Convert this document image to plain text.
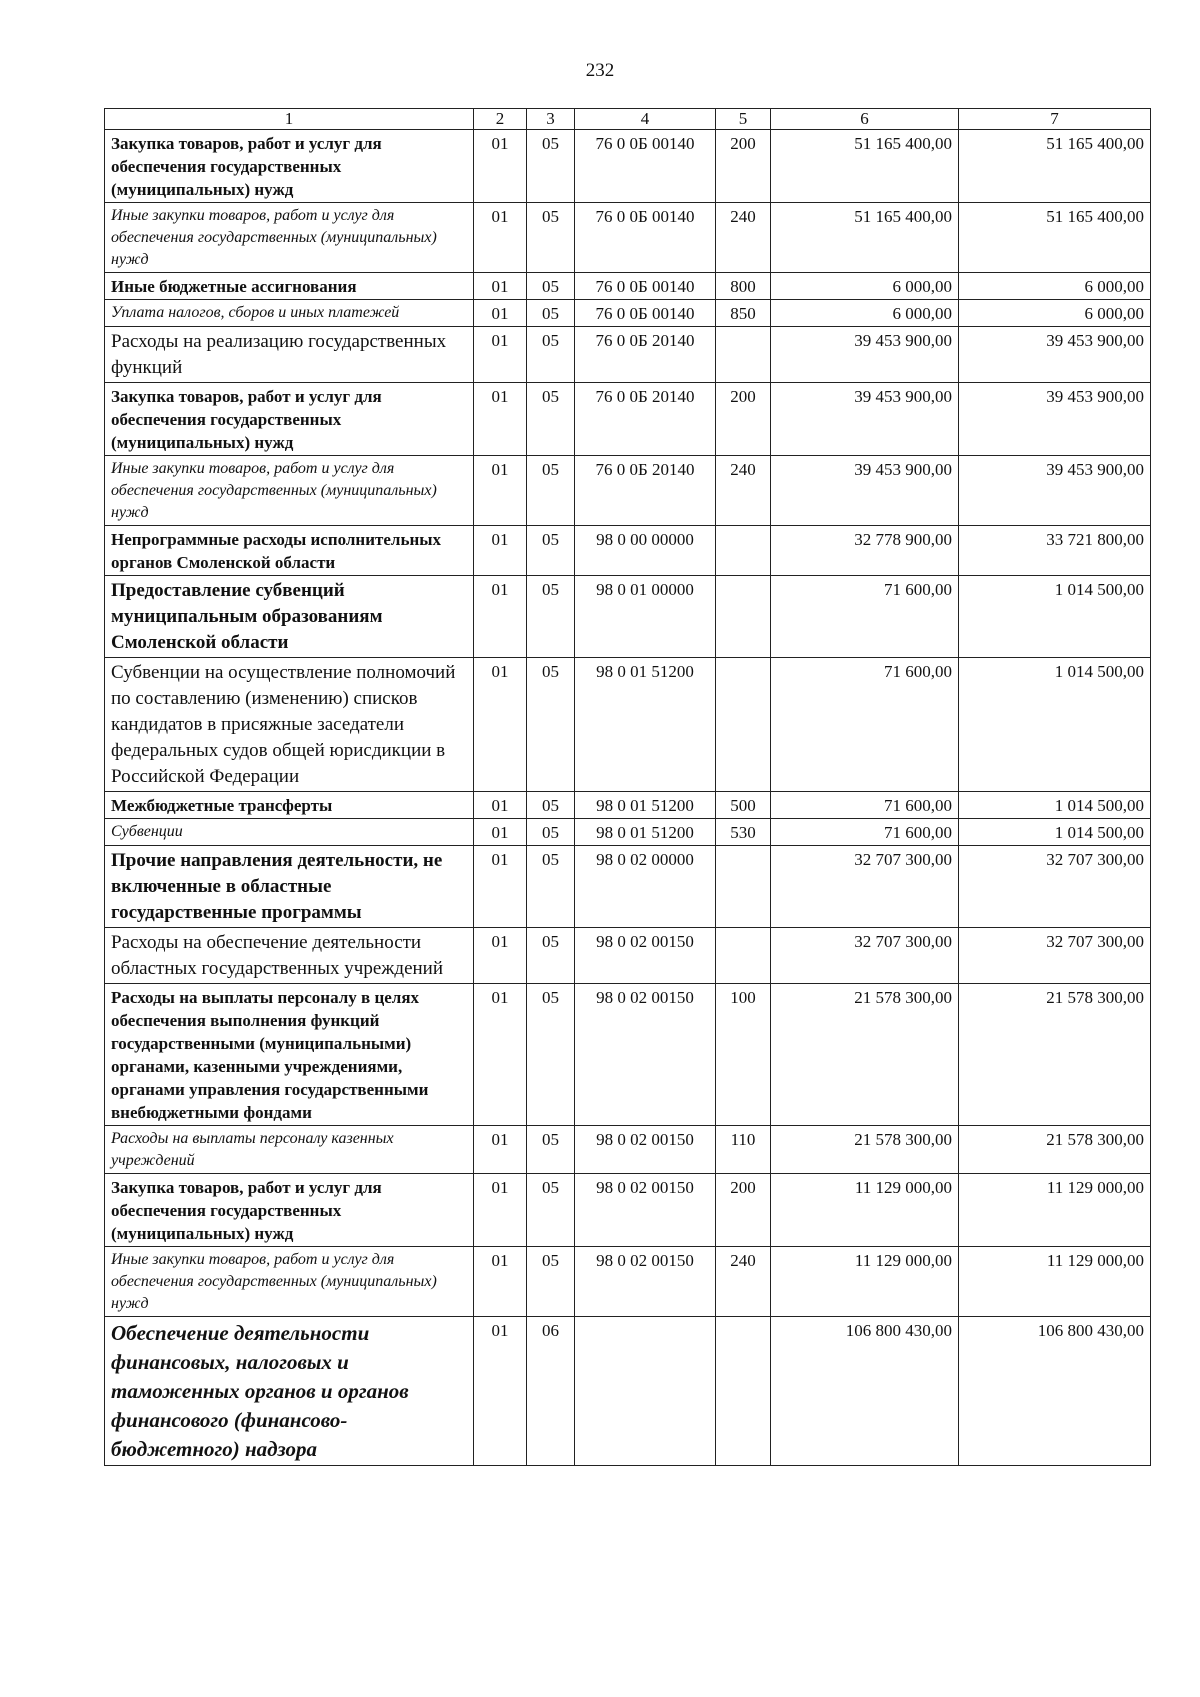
232
1	2	3	4	5	6	7
Закупка товаров, работ и услуг для обеспечения государственных (муниципальных) нужд	01	05	76 0 0Б 00140	200	51 165 400,00	51 165 400,00
Иные закупки товаров, работ и услуг для обеспечения государственных (муниципальных) нужд	01	05	76 0 0Б 00140	240	51 165 400,00	51 165 400,00
Иные бюджетные ассигнования	01	05	76 0 0Б 00140	800	6 000,00	6 000,00
Уплата налогов, сборов и иных платежей	01	05	76 0 0Б 00140	850	6 000,00	6 000,00
Расходы на реализацию государственных функций	01	05	76 0 0Б 20140		39 453 900,00	39 453 900,00
Закупка товаров, работ и услуг для обеспечения государственных (муниципальных) нужд	01	05	76 0 0Б 20140	200	39 453 900,00	39 453 900,00
Иные закупки товаров, работ и услуг для обеспечения государственных (муниципальных) нужд	01	05	76 0 0Б 20140	240	39 453 900,00	39 453 900,00
Непрограммные расходы исполнительных органов Смоленской области	01	05	98 0 00 00000		32 778 900,00	33 721 800,00
Предоставление субвенций муниципальным образованиям Смоленской области	01	05	98 0 01 00000		71 600,00	1 014 500,00
Субвенции на осуществление полномочий по составлению (изменению) списков кандидатов в присяжные заседатели федеральных судов общей юрисдикции в Российской Федерации	01	05	98 0 01 51200		71 600,00	1 014 500,00
Межбюджетные трансферты	01	05	98 0 01 51200	500	71 600,00	1 014 500,00
Субвенции	01	05	98 0 01 51200	530	71 600,00	1 014 500,00
Прочие направления деятельности, не включенные в областные государственные программы	01	05	98 0 02 00000		32 707 300,00	32 707 300,00
Расходы на обеспечение деятельности областных государственных учреждений	01	05	98 0 02 00150		32 707 300,00	32 707 300,00
Расходы на выплаты персоналу в целях обеспечения выполнения функций государственными (муниципальными) органами, казенными учреждениями, органами управления государственными внебюджетными фондами	01	05	98 0 02 00150	100	21 578 300,00	21 578 300,00
Расходы на выплаты персоналу казенных учреждений	01	05	98 0 02 00150	110	21 578 300,00	21 578 300,00
Закупка товаров, работ и услуг для обеспечения государственных (муниципальных) нужд	01	05	98 0 02 00150	200	11 129 000,00	11 129 000,00
Иные закупки товаров, работ и услуг для обеспечения государственных (муниципальных) нужд	01	05	98 0 02 00150	240	11 129 000,00	11 129 000,00
Обеспечение деятельности финансовых, налоговых и таможенных органов и органов финансового (финансово-бюджетного) надзора	01	06			106 800 430,00	106 800 430,00
